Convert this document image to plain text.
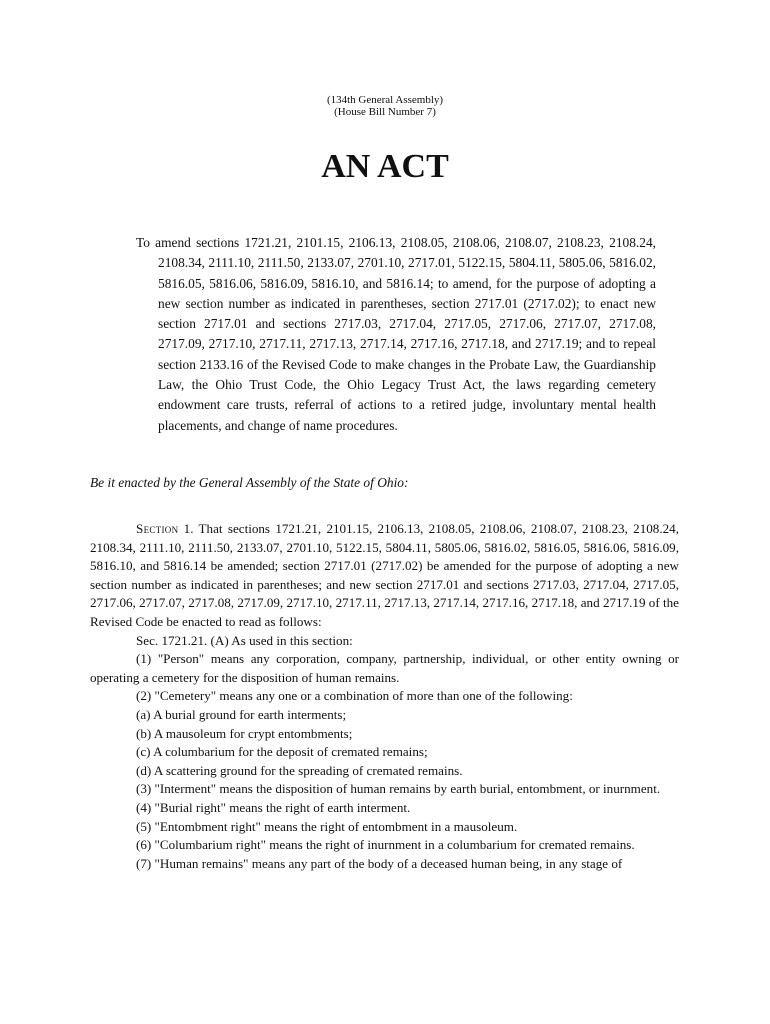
(134th General Assembly)
(House Bill Number 7)
AN ACT
To amend sections 1721.21, 2101.15, 2106.13, 2108.05, 2108.06, 2108.07, 2108.23, 2108.24, 2108.34, 2111.10, 2111.50, 2133.07, 2701.10, 2717.01, 5122.15, 5804.11, 5805.06, 5816.02, 5816.05, 5816.06, 5816.09, 5816.10, and 5816.14; to amend, for the purpose of adopting a new section number as indicated in parentheses, section 2717.01 (2717.02); to enact new section 2717.01 and sections 2717.03, 2717.04, 2717.05, 2717.06, 2717.07, 2717.08, 2717.09, 2717.10, 2717.11, 2717.13, 2717.14, 2717.16, 2717.18, and 2717.19; and to repeal section 2133.16 of the Revised Code to make changes in the Probate Law, the Guardianship Law, the Ohio Trust Code, the Ohio Legacy Trust Act, the laws regarding cemetery endowment care trusts, referral of actions to a retired judge, involuntary mental health placements, and change of name procedures.
Be it enacted by the General Assembly of the State of Ohio:

Section 1. That sections 1721.21, 2101.15, 2106.13, 2108.05, 2108.06, 2108.07, 2108.23, 2108.24, 2108.34, 2111.10, 2111.50, 2133.07, 2701.10, 5122.15, 5804.11, 5805.06, 5816.02, 5816.05, 5816.06, 5816.09, 5816.10, and 5816.14 be amended; section 2717.01 (2717.02) be amended for the purpose of adopting a new section number as indicated in parentheses; and new section 2717.01 and sections 2717.03, 2717.04, 2717.05, 2717.06, 2717.07, 2717.08, 2717.09, 2717.10, 2717.11, 2717.13, 2717.14, 2717.16, 2717.18, and 2717.19 of the Revised Code be enacted to read as follows:

Sec. 1721.21. (A) As used in this section:

(1) "Person" means any corporation, company, partnership, individual, or other entity owning or operating a cemetery for the disposition of human remains.

(2) "Cemetery" means any one or a combination of more than one of the following:

(a) A burial ground for earth interments;

(b) A mausoleum for crypt entombments;

(c) A columbarium for the deposit of cremated remains;

(d) A scattering ground for the spreading of cremated remains.

(3) "Interment" means the disposition of human remains by earth burial, entombment, or inurnment.

(4) "Burial right" means the right of earth interment.

(5) "Entombment right" means the right of entombment in a mausoleum.

(6) "Columbarium right" means the right of inurnment in a columbarium for cremated remains.

(7) "Human remains" means any part of the body of a deceased human being, in any stage of
